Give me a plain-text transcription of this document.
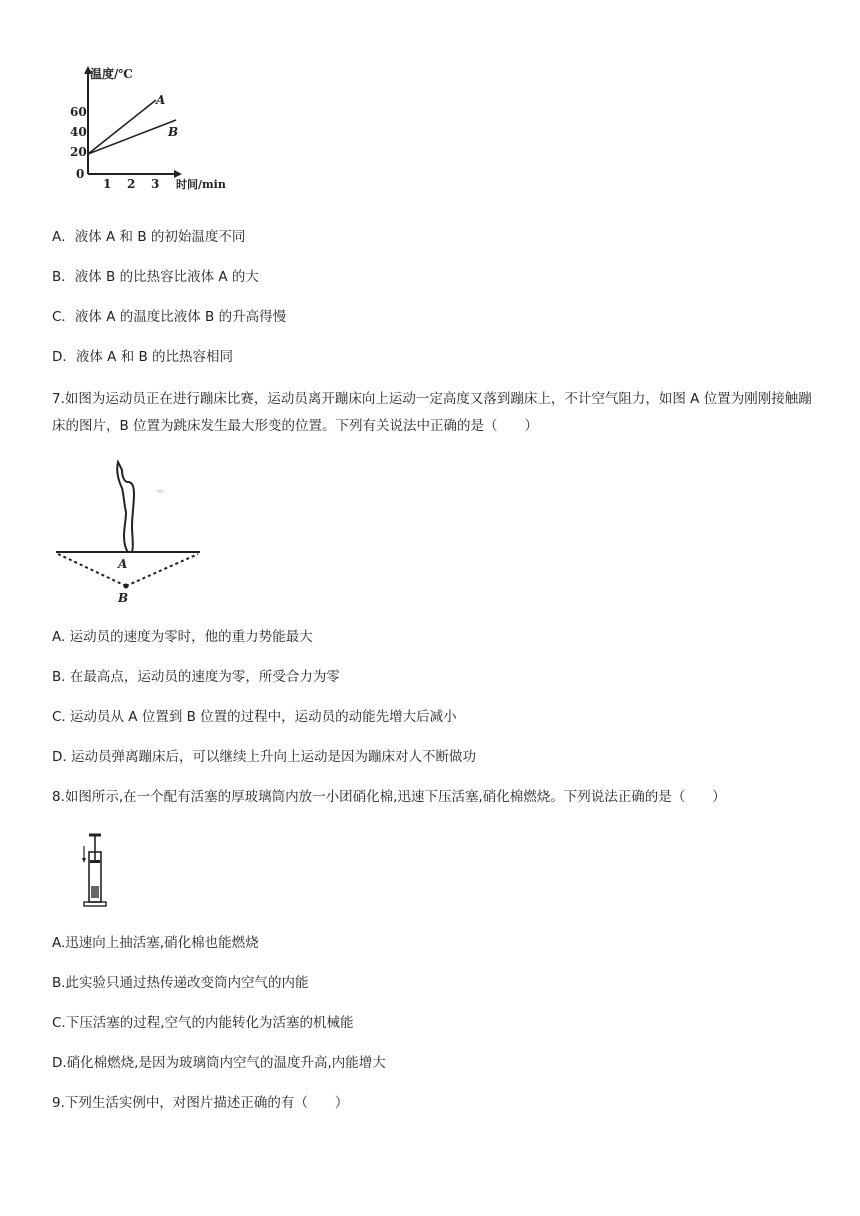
温度/℃
60
40
20
0
1 2 3 时间/min
A
B
A．液体 A 和 B 的初始温度不同
B．液体 B 的比热容比液体 A 的大
C．液体 A 的温度比液体 B 的升高得慢
D．液体 A 和 B 的比热容相同
7.如图为运动员正在进行蹦床比赛，运动员离开蹦床向上运动一定高度又落到蹦床上，不计空气阻力，如图 A 位置为刚刚接触蹦床的图片，B 位置为跳床发生最大形变的位置。下列有关说法中正确的是（　　）
A
B
≈·
A. 运动员的速度为零时，他的重力势能最大
B. 在最高点，运动员的速度为零，所受合力为零
C. 运动员从 A 位置到 B 位置的过程中，运动员的动能先增大后减小
D. 运动员弹离蹦床后，可以继续上升向上运动是因为蹦床对人不断做功
8.如图所示,在一个配有活塞的厚玻璃筒内放一小团硝化棉,迅速下压活塞,硝化棉燃烧。下列说法正确的是（　　）
A.迅速向上抽活塞,硝化棉也能燃烧
B.此实验只通过热传递改变筒内空气的内能
C.下压活塞的过程,空气的内能转化为活塞的机械能
D.硝化棉燃烧,是因为玻璃筒内空气的温度升高,内能增大
9.下列生活实例中，对图片描述正确的有（　　）
